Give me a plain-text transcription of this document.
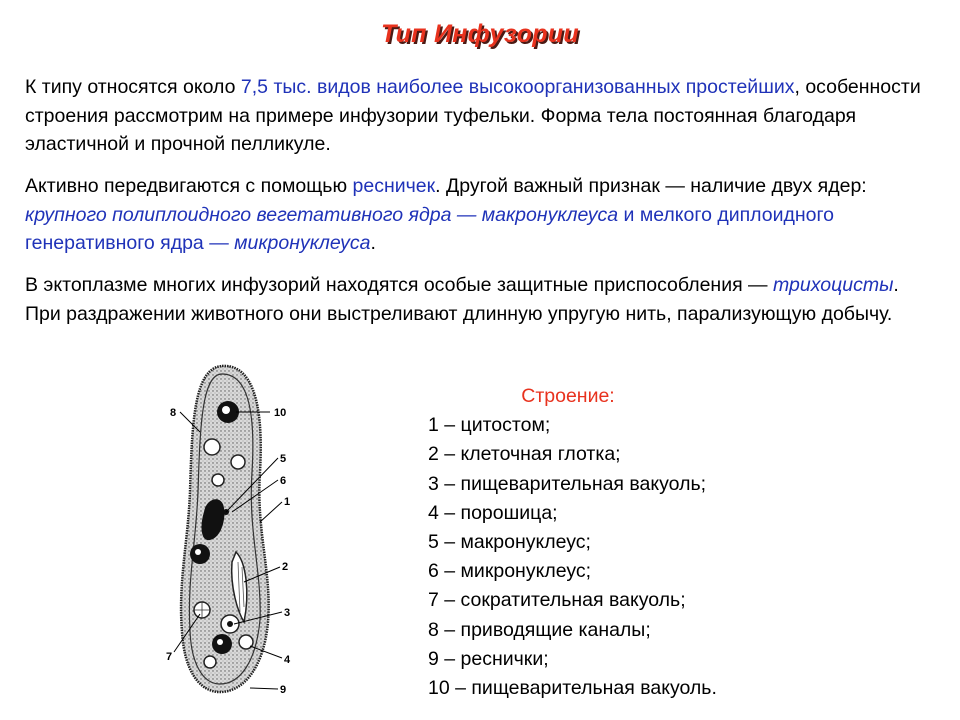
Тип Инфузории
К типу относятся около 7,5 тыс. видов наиболее высокоорганизованных простейших, особенности строения рассмотрим на примере инфузории туфельки. Форма тела постоянная благодаря эластичной и прочной пелликуле.
Активно передвигаются с помощью ресничек. Другой важный признак — наличие двух ядер: крупного полиплоидного вегетативного ядра — макронуклеуса и мелкого диплоидного генеративного ядра — микронуклеуса.
В эктоплазме многих инфузорий находятся особые защитные приспособления — трихоцисты. При раздражении животного они выстреливают длинную упругую нить, парализующую добычу.
8	10
5
6
1
2
3
7	4
9
Строение:
1 – цитостом;
2 – клеточная глотка;
3 – пищеварительная вакуоль;
4 – порошица;
5 – макронуклеус;
6 – микронуклеус;
7 – сократительная вакуоль;
8 – приводящие каналы;
9 – реснички;
10 – пищеварительная вакуоль.
